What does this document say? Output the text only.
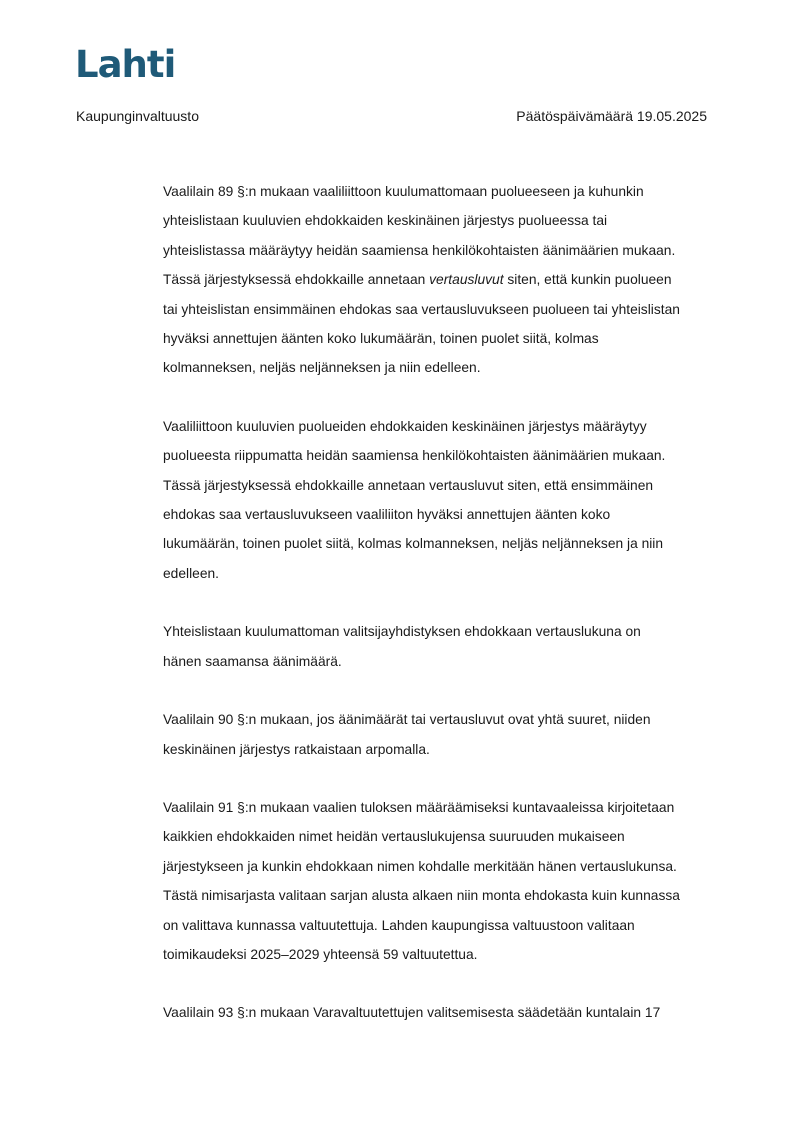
Lahti
Kaupunginvaltuusto	Päätöspäivämäärä 19.05.2025

Vaalilain 89 §:n mukaan vaaliliittoon kuulumattomaan puolueeseen ja kuhunkin
yhteislistaan kuuluvien ehdokkaiden keskinäinen järjestys puolueessa tai
yhteislistassa määräytyy heidän saamiensa henkilökohtaisten äänimäärien mukaan.
Tässä järjestyksessä ehdokkaille annetaan vertausluvut siten, että kunkin puolueen
tai yhteislistan ensimmäinen ehdokas saa vertausluvukseen puolueen tai yhteislistan
hyväksi annettujen äänten koko lukumäärän, toinen puolet siitä, kolmas
kolmanneksen, neljäs neljänneksen ja niin edelleen.

Vaaliliittoon kuuluvien puolueiden ehdokkaiden keskinäinen järjestys määräytyy
puolueesta riippumatta heidän saamiensa henkilökohtaisten äänimäärien mukaan.
Tässä järjestyksessä ehdokkaille annetaan vertausluvut siten, että ensimmäinen
ehdokas saa vertausluvukseen vaaliliiton hyväksi annettujen äänten koko
lukumäärän, toinen puolet siitä, kolmas kolmanneksen, neljäs neljänneksen ja niin
edelleen.

Yhteislistaan kuulumattoman valitsijayhdistyksen ehdokkaan vertauslukuna on
hänen saamansa äänimäärä.

Vaalilain 90 §:n mukaan, jos äänimäärät tai vertausluvut ovat yhtä suuret, niiden
keskinäinen järjestys ratkaistaan arpomalla.

Vaalilain 91 §:n mukaan vaalien tuloksen määräämiseksi kuntavaaleissa kirjoitetaan
kaikkien ehdokkaiden nimet heidän vertauslukujensa suuruuden mukaiseen
järjestykseen ja kunkin ehdokkaan nimen kohdalle merkitään hänen vertauslukunsa.
Tästä nimisarjasta valitaan sarjan alusta alkaen niin monta ehdokasta kuin kunnassa
on valittava kunnassa valtuutettuja. Lahden kaupungissa valtuustoon valitaan
toimikaudeksi 2025–2029 yhteensä 59 valtuutettua.

Vaalilain 93 §:n mukaan Varavaltuutettujen valitsemisesta säädetään kuntalain 17
